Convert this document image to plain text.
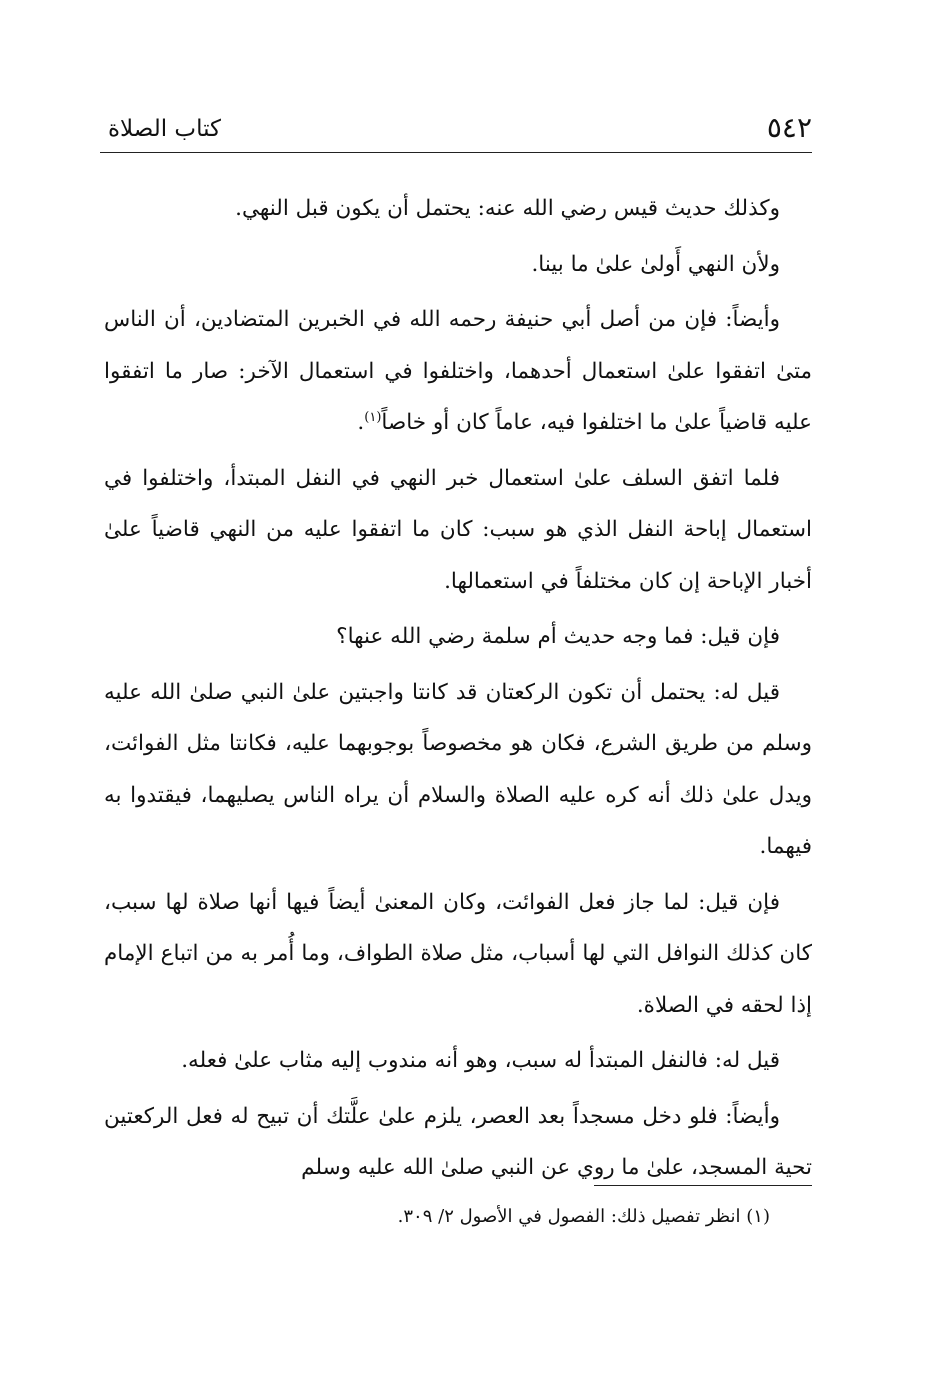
٥٤٢
كتاب الصلاة

وكذلك حديث قيس رضي الله عنه: يحتمل أن يكون قبل النهي.

ولأن النهي أَولىٰ علىٰ ما بينا.

وأيضاً: فإن من أصل أبي حنيفة رحمه الله في الخبرين المتضادين، أن الناس متىٰ اتفقوا علىٰ استعمال أحدهما، واختلفوا في استعمال الآخر: صار ما اتفقوا عليه قاضياً علىٰ ما اختلفوا فيه، عاماً كان أو خاصاً$^{(١)}$.

فلما اتفق السلف علىٰ استعمال خبر النهي في النفل المبتدأ، واختلفوا في استعمال إباحة النفل الذي هو سبب: كان ما اتفقوا عليه من النهي قاضياً علىٰ أخبار الإباحة إن كان مختلفاً في استعمالها.

فإن قيل: فما وجه حديث أم سلمة رضي الله عنها؟

قيل له: يحتمل أن تكون الركعتان قد كانتا واجبتين علىٰ النبي صلىٰ الله عليه وسلم من طريق الشرع، فكان هو مخصوصاً بوجوبهما عليه، فكانتا مثل الفوائت، ويدل علىٰ ذلك أنه كره عليه الصلاة والسلام أن يراه الناس يصليهما، فيقتدوا به فيهما.

فإن قيل: لما جاز فعل الفوائت، وكان المعنىٰ أيضاً فيها أنها صلاة لها سبب، كان كذلك النوافل التي لها أسباب، مثل صلاة الطواف، وما أُمر به من اتباع الإمام إذا لحقه في الصلاة.

قيل له: فالنفل المبتدأ له سبب، وهو أنه مندوب إليه مثاب علىٰ فعله.

وأيضاً: فلو دخل مسجداً بعد العصر، يلزم علىٰ علَّتك أن تبيح له فعل الركعتين تحية المسجد، علىٰ ما روي عن النبي صلىٰ الله عليه وسلم

(١) انظر تفصيل ذلك: الفصول في الأصول ٢/ ٣٠٩.
